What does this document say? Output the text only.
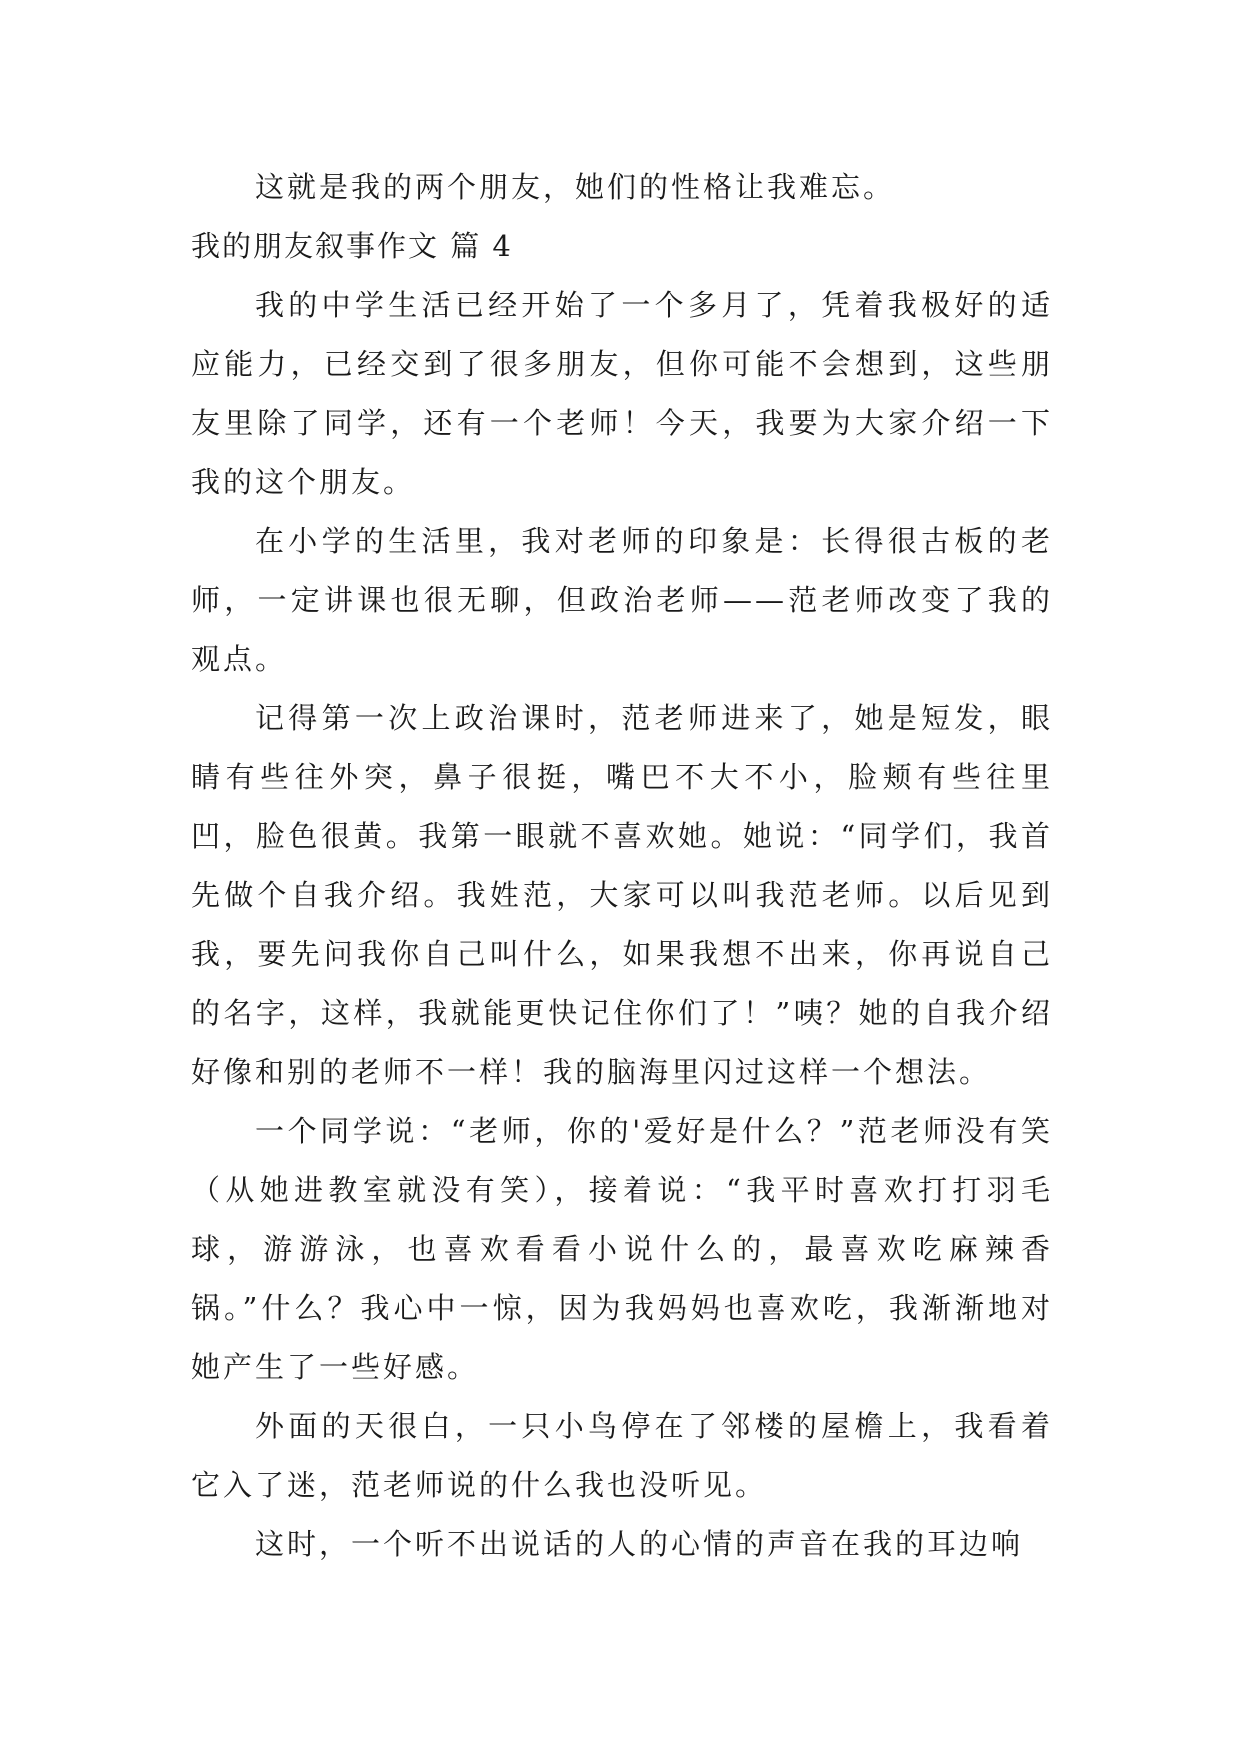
这就是我的两个朋友，她们的性格让我难忘。

我的朋友叙事作文 篇 4

我的中学生活已经开始了一个多月了，凭着我极好的适应能力，已经交到了很多朋友，但你可能不会想到，这些朋友里除了同学，还有一个老师！今天，我要为大家介绍一下我的这个朋友。

在小学的生活里，我对老师的印象是：长得很古板的老师，一定讲课也很无聊，但政治老师——范老师改变了我的观点。

记得第一次上政治课时，范老师进来了，她是短发，眼睛有些往外突，鼻子很挺，嘴巴不大不小，脸颊有些往里凹，脸色很黄。我第一眼就不喜欢她。她说：“同学们，我首先做个自我介绍。我姓范，大家可以叫我范老师。以后见到我，要先问我你自己叫什么，如果我想不出来，你再说自己的名字，这样，我就能更快记住你们了！”咦？她的自我介绍好像和别的老师不一样！我的脑海里闪过这样一个想法。

一个同学说：“老师，你的'爱好是什么？”范老师没有笑（从她进教室就没有笑），接着说：“我平时喜欢打打羽毛球，游游泳，也喜欢看看小说什么的，最喜欢吃麻辣香锅。”什么？我心中一惊，因为我妈妈也喜欢吃，我渐渐地对她产生了一些好感。

外面的天很白，一只小鸟停在了邻楼的屋檐上，我看着它入了迷，范老师说的什么我也没听见。

这时，一个听不出说话的人的心情的声音在我的耳边响
